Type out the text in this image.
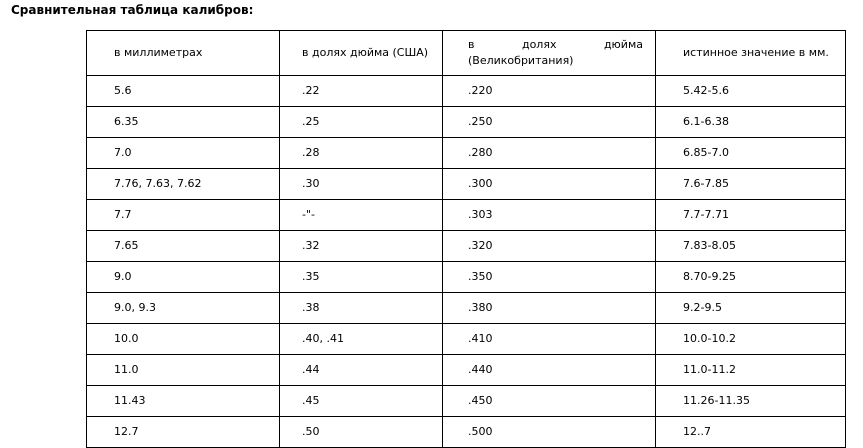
Сравнительная таблица калибров:
в миллиметрах	в долях дюйма (США)	в долях дюйма (Великобритания)	истинное значение в мм.

5.6	.22	.220	5.42-5.6
6.35	.25	.250	6.1-6.38
7.0	.28	.280	6.85-7.0
7.76, 7.63, 7.62	.30	.300	7.6-7.85
7.7	-"-	.303	7.7-7.71
7.65	.32	.320	7.83-8.05
9.0	.35	.350	8.70-9.25
9.0, 9.3	.38	.380	9.2-9.5
10.0	.40, .41	.410	10.0-10.2
11.0	.44	.440	11.0-11.2
11.43	.45	.450	11.26-11.35
12.7	.50	.500	12..7
